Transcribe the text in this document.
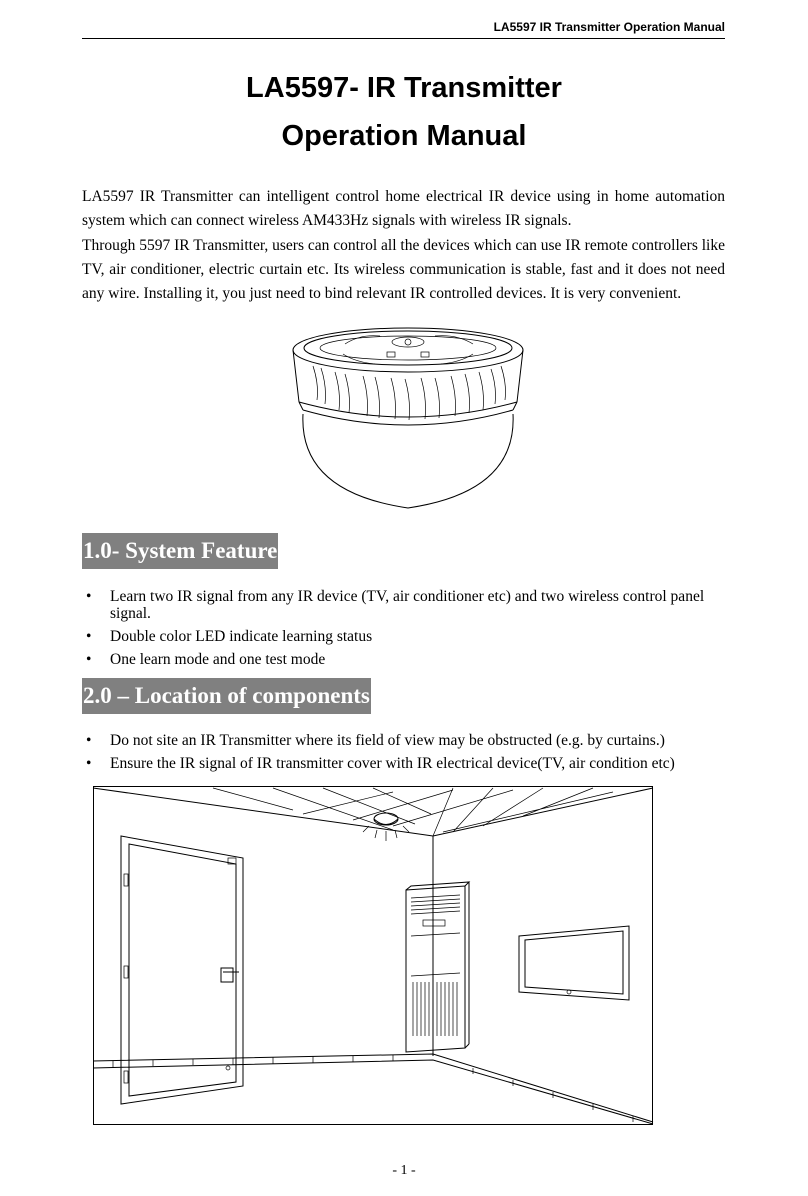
LA5597 IR Transmitter Operation Manual
LA5597- IR Transmitter
Operation Manual

LA5597 IR Transmitter can intelligent control home electrical IR device using in home automation system which can connect wireless AM433Hz signals with wireless IR signals.

Through 5597 IR Transmitter, users can control all the devices which can use IR remote controllers like TV, air conditioner, electric curtain etc. Its wireless communication is stable, fast and it does not need any wire. Installing it, you just need to bind relevant IR controlled devices. It is very convenient.

1.0- System Feature
• Learn two IR signal from any IR device (TV, air conditioner etc) and two wireless control panel signal.
• Double color LED indicate learning status
• One learn mode and one test mode
2.0 – Location of components
• Do not site an IR Transmitter where its field of view may be obstructed (e.g. by curtains.)
• Ensure the IR signal of IR transmitter cover with IR electrical device(TV, air condition etc)
- 1 -
